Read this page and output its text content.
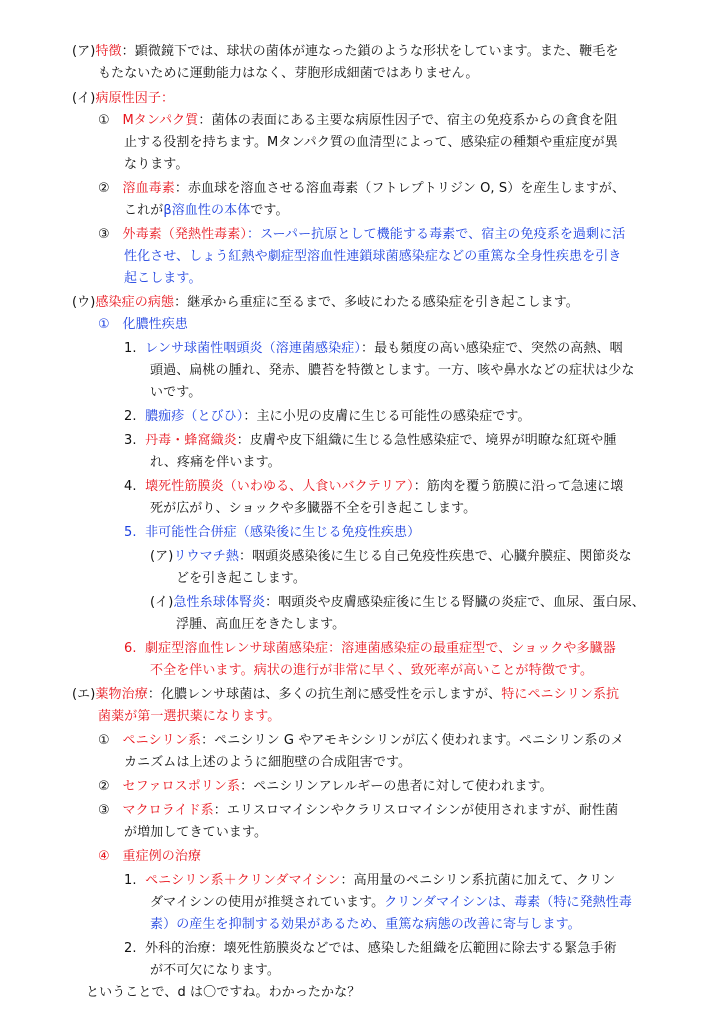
(ア)特徴：顕微鏡下では、球状の菌体が連なった鎖のような形状をしています。また、鞭毛を
もたないために運動能力はなく、芽胞形成細菌ではありません。
(イ)病原性因子：
① Mタンパク質：菌体の表面にある主要な病原性因子で、宿主の免疫系からの貪食を阻
止する役割を持ちます。Mタンパク質の血清型によって、感染症の種類や重症度が異
なります。
② 溶血毒素：赤血球を溶血させる溶血毒素（フトレプトリジン O, S）を産生しますが、
これがβ溶血性の本体です。
③ 外毒素（発熱性毒素）：スーパー抗原として機能する毒素で、宿主の免疫系を過剰に活
性化させ、しょう紅熱や劇症型溶血性連鎖球菌感染症などの重篤な全身性疾患を引き
起こします。
(ウ)感染症の病態：継承から重症に至るまで、多岐にわたる感染症を引き起こします。
① 化膿性疾患
1. レンサ球菌性咽頭炎（溶連菌感染症）：最も頻度の高い感染症で、突然の高熱、咽
頭過、扁桃の腫れ、発赤、膿苔を特徴とします。一方、咳や鼻水などの症状は少な
いです。
2. 膿痂疹（とびひ）：主に小児の皮膚に生じる可能性の感染症です。
3. 丹毒・蜂窩織炎：皮膚や皮下組織に生じる急性感染症で、境界が明瞭な紅斑や腫
れ、疼痛を伴います。
4. 壊死性筋膜炎（いわゆる、人食いバクテリア）：筋肉を覆う筋膜に沿って急速に壊
死が広がり、ショックや多臓器不全を引き起こします。
5. 非可能性合併症（感染後に生じる免疫性疾患）
(ア)リウマチ熱：咽頭炎感染後に生じる自己免疫性疾患で、心臓弁膜症、関節炎な
どを引き起こします。
(イ)急性糸球体腎炎：咽頭炎や皮膚感染症後に生じる腎臓の炎症で、血尿、蛋白尿、
浮腫、高血圧をきたします。
6. 劇症型溶血性レンサ球菌感染症：溶連菌感染症の最重症型で、ショックや多臓器
不全を伴います。病状の進行が非常に早く、致死率が高いことが特徴です。
(エ)薬物治療：化膿レンサ球菌は、多くの抗生剤に感受性を示しますが、特にペニシリン系抗
菌薬が第一選択薬になります。
① ペニシリン系：ペニシリン G やアモキシシリンが広く使われます。ペニシリン系のメ
カニズムは上述のように細胞壁の合成阻害です。
② セファロスポリン系：ペニシリンアレルギーの患者に対して使われます。
③ マクロライド系：エリスロマイシンやクラリスロマイシンが使用されますが、耐性菌
が増加してきています。
④ 重症例の治療
1. ペニシリン系＋クリンダマイシン：高用量のペニシリン系抗菌に加えて、クリン
ダマイシンの使用が推奨されています。クリンダマイシンは、毒素（特に発熱性毒
素）の産生を抑制する効果があるため、重篤な病態の改善に寄与します。
2. 外科的治療：壊死性筋膜炎などでは、感染した組織を広範囲に除去する緊急手術
が不可欠になります。
ということで、d は〇ですね。わかったかな？
